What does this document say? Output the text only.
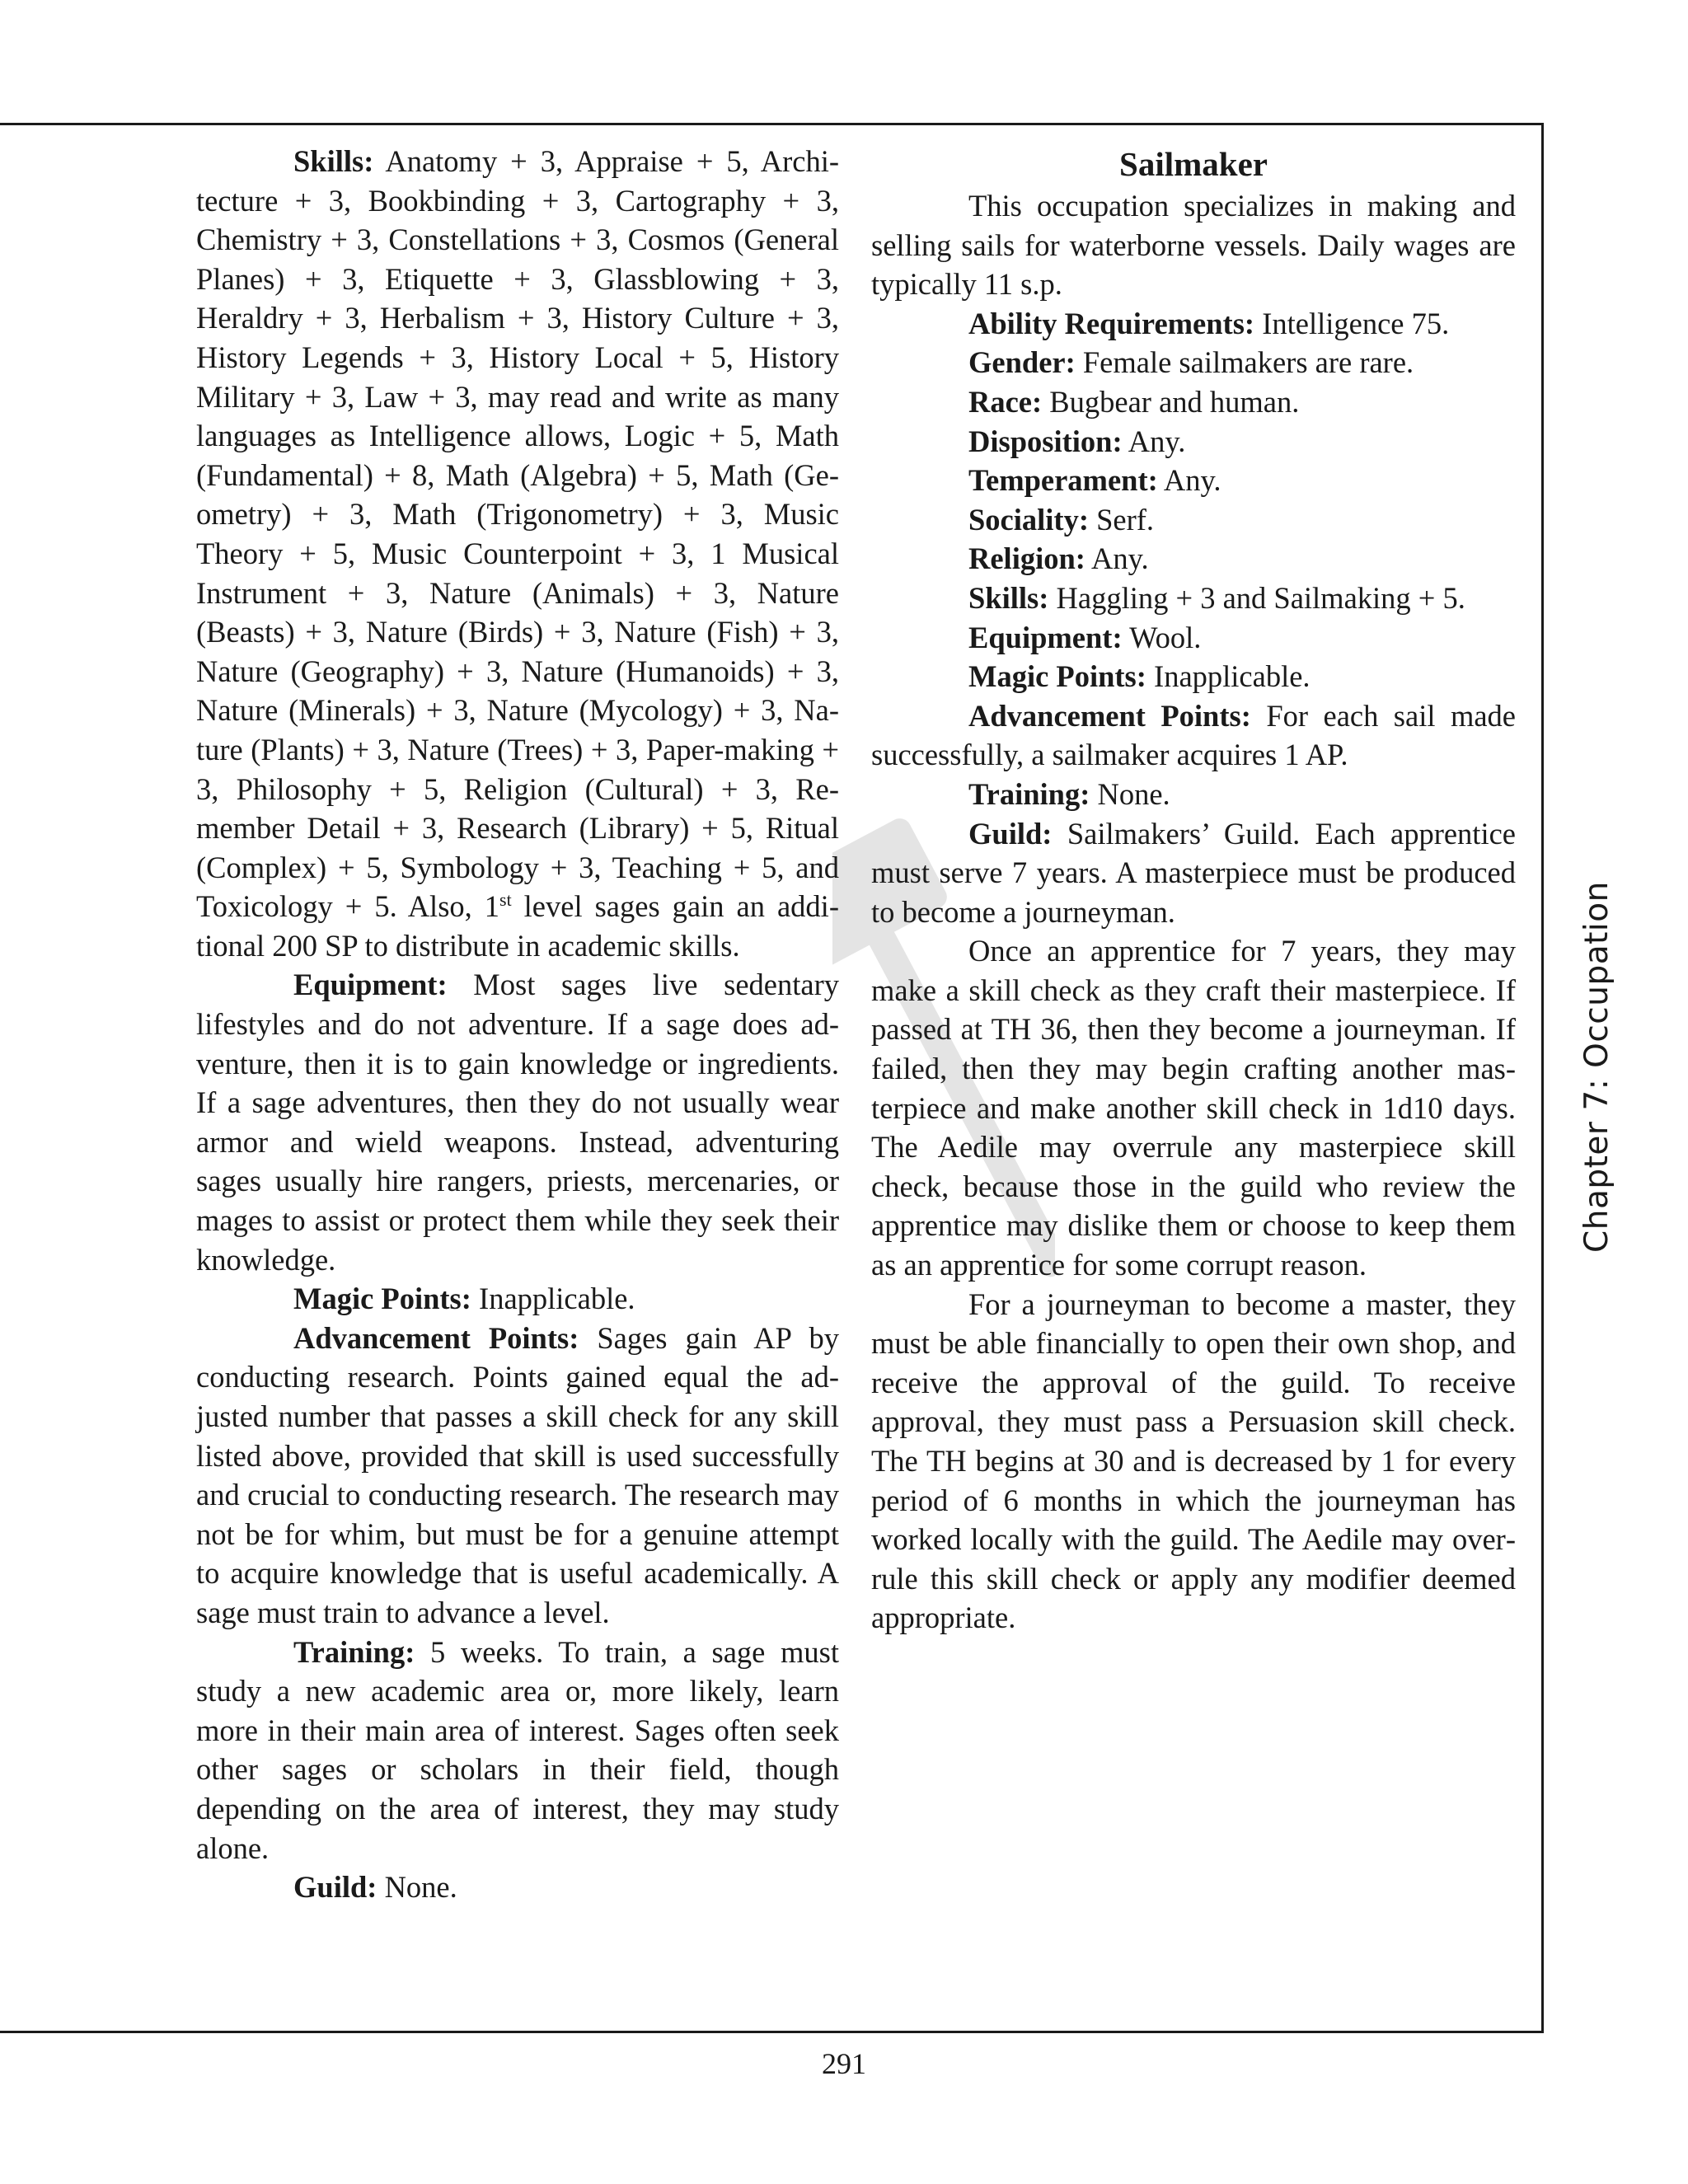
Skills: Anatomy + 3, Appraise + 5, Architecture + 3, Bookbinding + 3, Cartography + 3, Chemistry + 3, Constellations + 3, Cosmos (General Planes) + 3, Etiquette + 3, Glassblowing + 3, Heraldry + 3, Herbalism + 3, History Culture + 3, History Legends + 3, History Local + 5, History Military + 3, Law + 3, may read and write as many languages as Intelligence allows, Logic + 5, Math (Fundamental) + 8, Math (Algebra) + 5, Math (Geometry) + 3, Math (Trigonometry) + 3, Music Theory + 5, Music Counterpoint + 3, 1 Musical Instrument + 3, Nature (Animals) + 3, Nature (Beasts) + 3, Nature (Birds) + 3, Nature (Fish) + 3, Nature (Geography) + 3, Nature (Humanoids) + 3, Nature (Minerals) + 3, Nature (Mycology) + 3, Nature (Plants) + 3, Nature (Trees) + 3, Paper-making + 3, Philosophy + 5, Religion (Cultural) + 3, Remember Detail + 3, Research (Library) + 5, Ritual (Complex) + 5, Symbology + 3, Teaching + 5, and Toxicology + 5. Also, 1st level sages gain an additional 200 SP to distribute in academic skills.

Equipment: Most sages live sedentary lifestyles and do not adventure. If a sage does adventure, then it is to gain knowledge or ingredients. If a sage adventures, then they do not usually wear armor and wield weapons. Instead, adventuring sages usually hire rangers, priests, mercenaries, or mages to assist or protect them while they seek their knowledge.

Magic Points: Inapplicable.

Advancement Points: Sages gain AP by conducting research. Points gained equal the adjusted number that passes a skill check for any skill listed above, provided that skill is used successfully and crucial to conducting research. The research may not be for whim, but must be for a genuine attempt to acquire knowledge that is useful academically. A sage must train to advance a level.

Training: 5 weeks. To train, a sage must study a new academic area or, more likely, learn more in their main area of interest. Sages often seek other sages or scholars in their field, though depending on the area of interest, they may study alone.

Guild: None.

Sailmaker

This occupation specializes in making and selling sails for waterborne vessels. Daily wages are typically 11 s.p.

Ability Requirements: Intelligence 75.

Gender: Female sailmakers are rare.

Race: Bugbear and human.

Disposition: Any.

Temperament: Any.

Sociality: Serf.

Religion: Any.

Skills: Haggling + 3 and Sailmaking + 5.

Equipment: Wool.

Magic Points: Inapplicable.

Advancement Points: For each sail made successfully, a sailmaker acquires 1 AP.

Training: None.

Guild: Sailmakers’ Guild. Each apprentice must serve 7 years. A masterpiece must be produced to become a journeyman.

Once an apprentice for 7 years, they may make a skill check as they craft their masterpiece. If passed at TH 36, then they become a journeyman. If failed, then they may begin crafting another masterpiece and make another skill check in 1d10 days. The Aedile may overrule any masterpiece skill check, because those in the guild who review the apprentice may dislike them or choose to keep them as an apprentice for some corrupt reason.

For a journeyman to become a master, they must be able financially to open their own shop, and receive the approval of the guild. To receive approval, they must pass a Persuasion skill check. The TH begins at 30 and is decreased by 1 for every period of 6 months in which the journeyman has worked locally with the guild. The Aedile may overrule this skill check or apply any modifier deemed appropriate.

Chapter 7: Occupation
291
